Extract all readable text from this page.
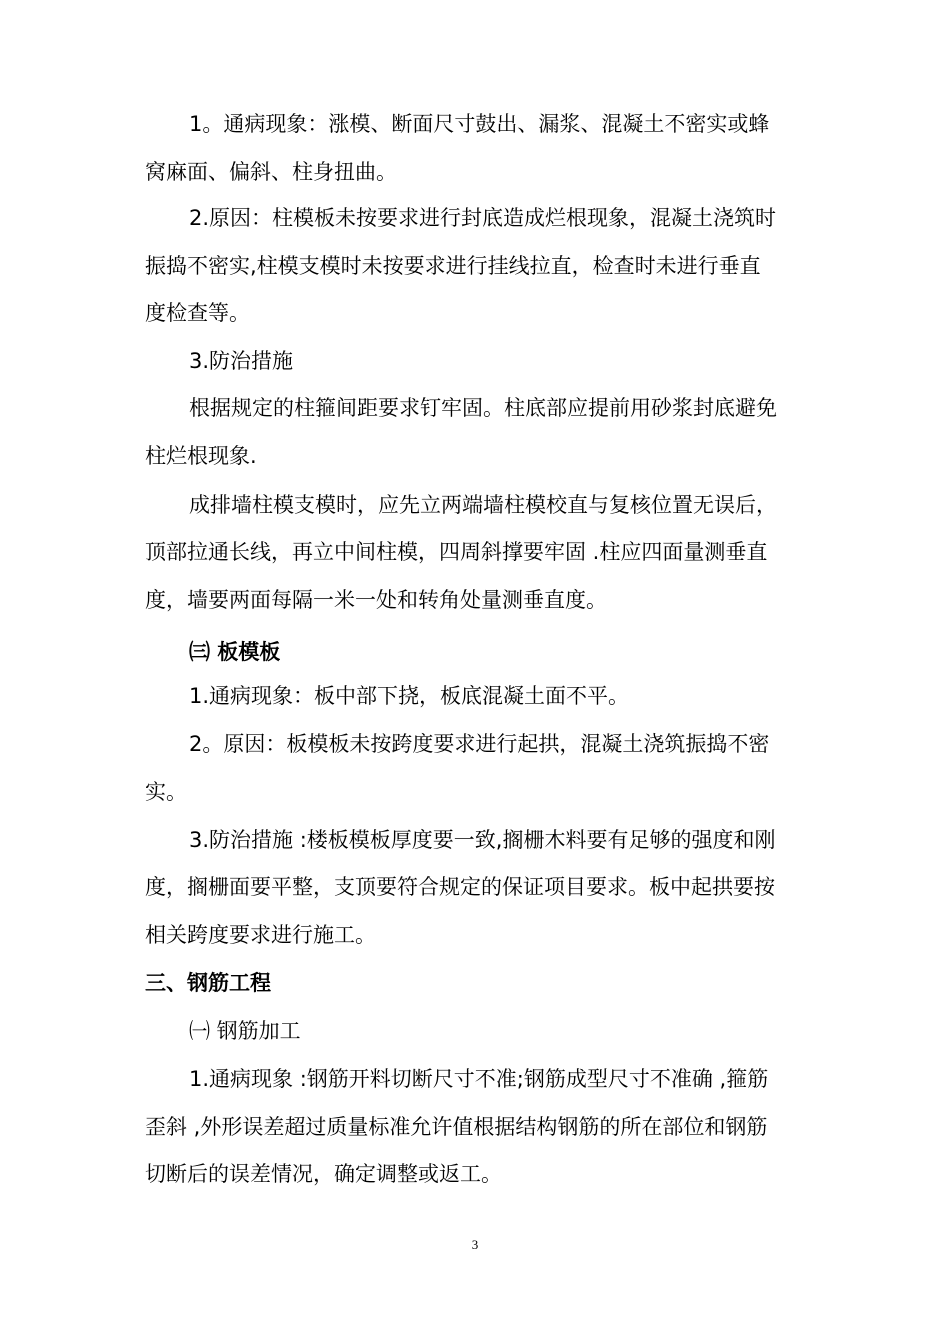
1。通病现象：涨模、断面尺寸鼓出、漏浆、混凝土不密实或蜂
窝麻面、偏斜、柱身扭曲。
2.原因：柱模板未按要求进行封底造成烂根现象，混凝土浇筑时
振捣不密实,柱模支模时未按要求进行挂线拉直，检查时未进行垂直
度检查等。
3.防治措施
根据规定的柱箍间距要求钉牢固。柱底部应提前用砂浆封底避免
柱烂根现象.
成排墙柱模支模时，应先立两端墙柱模校直与复核位置无误后，
顶部拉通长线，再立中间柱模，四周斜撑要牢固 .柱应四面量测垂直
度，墙要两面每隔一米一处和转角处量测垂直度。
㈢ 板模板
1.通病现象：板中部下挠，板底混凝土面不平。
2。原因：板模板未按跨度要求进行起拱，混凝土浇筑振捣不密
实。
3.防治措施 :楼板模板厚度要一致,搁栅木料要有足够的强度和刚
度，搁栅面要平整，支顶要符合规定的保证项目要求。板中起拱要按
相关跨度要求进行施工。
三、钢筋工程
㈠ 钢筋加工
1.通病现象 :钢筋开料切断尺寸不准;钢筋成型尺寸不准确 ,箍筋
歪斜 ,外形误差超过质量标准允许值根据结构钢筋的所在部位和钢筋
切断后的误差情况，确定调整或返工。
3
